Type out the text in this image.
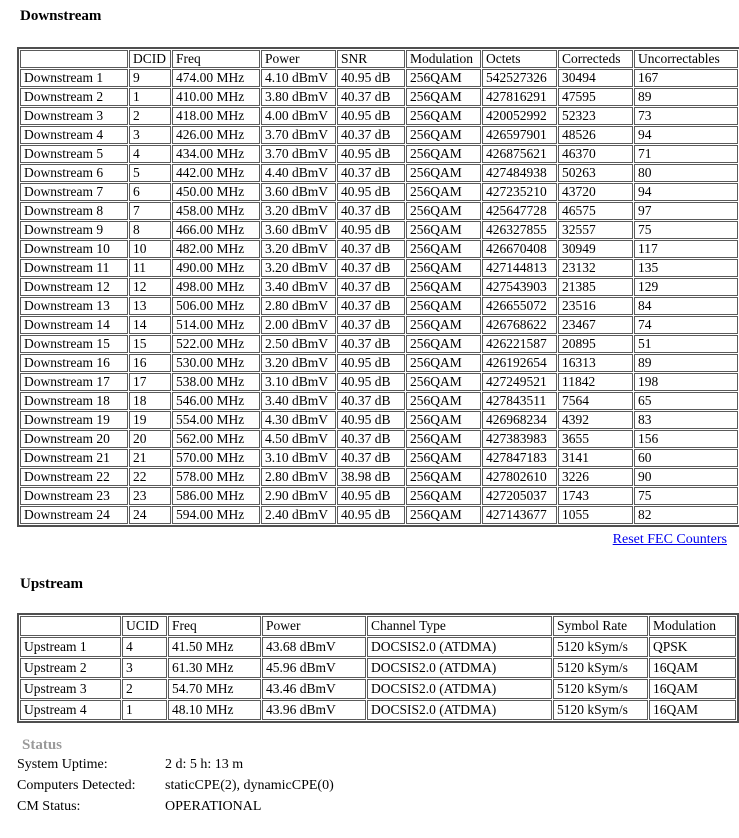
Downstream
	DCID	Freq	Power	SNR	Modulation	Octets	Correcteds	Uncorrectables
Downstream 1	9	474.00 MHz	4.10 dBmV	40.95 dB	256QAM	542527326	30494	167
Downstream 2	1	410.00 MHz	3.80 dBmV	40.37 dB	256QAM	427816291	47595	89
Downstream 3	2	418.00 MHz	4.00 dBmV	40.95 dB	256QAM	420052992	52323	73
Downstream 4	3	426.00 MHz	3.70 dBmV	40.37 dB	256QAM	426597901	48526	94
Downstream 5	4	434.00 MHz	3.70 dBmV	40.95 dB	256QAM	426875621	46370	71
Downstream 6	5	442.00 MHz	4.40 dBmV	40.37 dB	256QAM	427484938	50263	80
Downstream 7	6	450.00 MHz	3.60 dBmV	40.95 dB	256QAM	427235210	43720	94
Downstream 8	7	458.00 MHz	3.20 dBmV	40.37 dB	256QAM	425647728	46575	97
Downstream 9	8	466.00 MHz	3.60 dBmV	40.95 dB	256QAM	426327855	32557	75
Downstream 10	10	482.00 MHz	3.20 dBmV	40.37 dB	256QAM	426670408	30949	117
Downstream 11	11	490.00 MHz	3.20 dBmV	40.37 dB	256QAM	427144813	23132	135
Downstream 12	12	498.00 MHz	3.40 dBmV	40.37 dB	256QAM	427543903	21385	129
Downstream 13	13	506.00 MHz	2.80 dBmV	40.37 dB	256QAM	426655072	23516	84
Downstream 14	14	514.00 MHz	2.00 dBmV	40.37 dB	256QAM	426768622	23467	74
Downstream 15	15	522.00 MHz	2.50 dBmV	40.37 dB	256QAM	426221587	20895	51
Downstream 16	16	530.00 MHz	3.20 dBmV	40.95 dB	256QAM	426192654	16313	89
Downstream 17	17	538.00 MHz	3.10 dBmV	40.95 dB	256QAM	427249521	11842	198
Downstream 18	18	546.00 MHz	3.40 dBmV	40.37 dB	256QAM	427843511	7564	65
Downstream 19	19	554.00 MHz	4.30 dBmV	40.95 dB	256QAM	426968234	4392	83
Downstream 20	20	562.00 MHz	4.50 dBmV	40.37 dB	256QAM	427383983	3655	156
Downstream 21	21	570.00 MHz	3.10 dBmV	40.37 dB	256QAM	427847183	3141	60
Downstream 22	22	578.00 MHz	2.80 dBmV	38.98 dB	256QAM	427802610	3226	90
Downstream 23	23	586.00 MHz	2.90 dBmV	40.95 dB	256QAM	427205037	1743	75
Downstream 24	24	594.00 MHz	2.40 dBmV	40.95 dB	256QAM	427143677	1055	82
Reset FEC Counters
Upstream
	UCID	Freq	Power	Channel Type	Symbol Rate	Modulation
Upstream 1	4	41.50 MHz	43.68 dBmV	DOCSIS2.0 (ATDMA)	5120 kSym/s	QPSK
Upstream 2	3	61.30 MHz	45.96 dBmV	DOCSIS2.0 (ATDMA)	5120 kSym/s	16QAM
Upstream 3	2	54.70 MHz	43.46 dBmV	DOCSIS2.0 (ATDMA)	5120 kSym/s	16QAM
Upstream 4	1	48.10 MHz	43.96 dBmV	DOCSIS2.0 (ATDMA)	5120 kSym/s	16QAM
Status
System Uptime:	2 d: 5 h: 13 m
Computers Detected:	staticCPE(2), dynamicCPE(0)
CM Status:	OPERATIONAL
